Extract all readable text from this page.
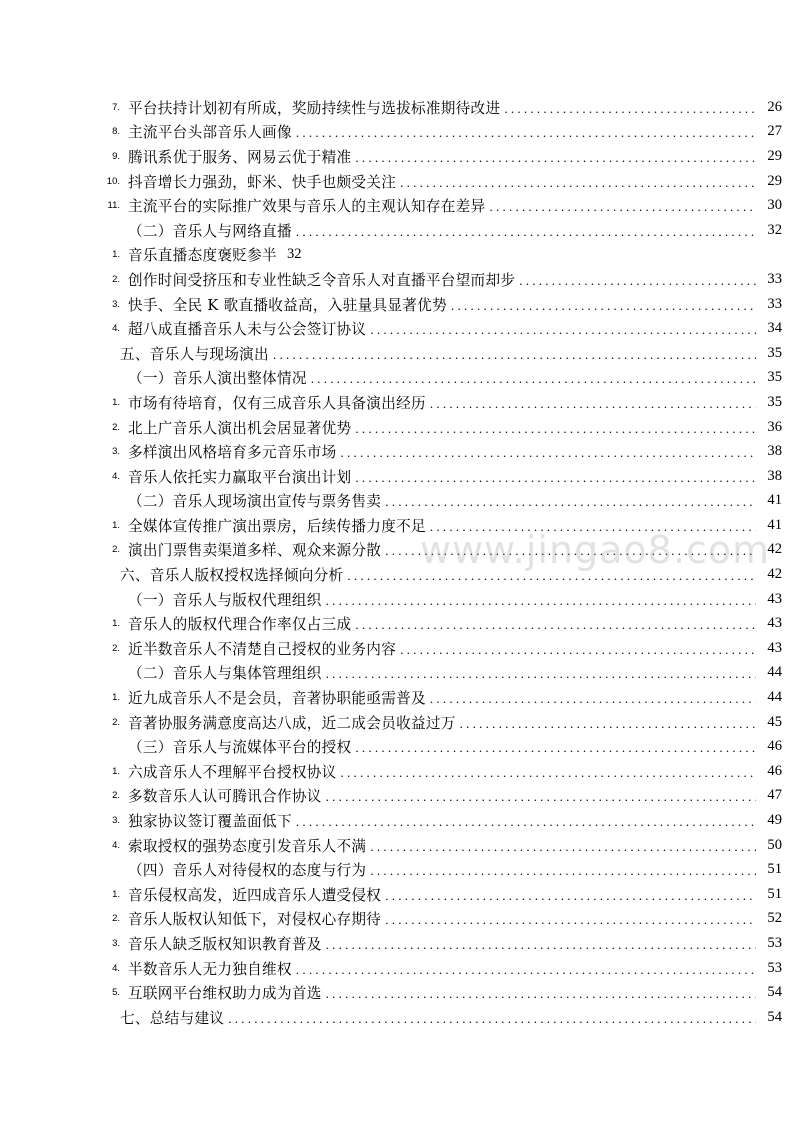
7. 平台扶持计划初有所成，奖励持续性与选拔标准期待改进 . . .	26
8. 主流平台头部音乐人画像 . . .	27
9. 腾讯系优于服务、网易云优于精准 . . .	29
10. 抖音增长力强劲，虾米、快手也颇受关注 . . .	29
11. 主流平台的实际推广效果与音乐人的主观认知存在差异 . . .	30
（二）音乐人与网络直播 . . .	32
1. 音乐直播态度褒贬参半 32
2. 创作时间受挤压和专业性缺乏令音乐人对直播平台望而却步 . . .	33
3. 快手、全民 K 歌直播收益高，入驻量具显著优势 . . .	33
4. 超八成直播音乐人未与公会签订协议 . . .	34
五、音乐人与现场演出 . . .	35
（一）音乐人演出整体情况 . . .	35
1. 市场有待培育，仅有三成音乐人具备演出经历 . . .	35
2. 北上广音乐人演出机会居显著优势 . . .	36
3. 多样演出风格培育多元音乐市场 . . .	38
4. 音乐人依托实力赢取平台演出计划 . . .	38
（二）音乐人现场演出宣传与票务售卖 . . .	41
1. 全媒体宣传推广演出票房，后续传播力度不足 . . .	41
2. 演出门票售卖渠道多样、观众来源分散 . . .	42
六、音乐人版权授权选择倾向分析 . . .	42
（一）音乐人与版权代理组织 . . .	43
1. 音乐人的版权代理合作率仅占三成 . . .	43
2. 近半数音乐人不清楚自己授权的业务内容 . . .	43
（二）音乐人与集体管理组织 . . .	44
1. 近九成音乐人不是会员，音著协职能亟需普及 . . .	44
2. 音著协服务满意度高达八成，近二成会员收益过万 . . .	45
（三）音乐人与流媒体平台的授权 . . .	46
1. 六成音乐人不理解平台授权协议 . . .	46
2. 多数音乐人认可腾讯合作协议 . . .	47
3. 独家协议签订覆盖面低下 . . .	49
4. 索取授权的强势态度引发音乐人不满 . . .	50
（四）音乐人对待侵权的态度与行为 . . .	51
1. 音乐侵权高发，近四成音乐人遭受侵权 . . .	51
2. 音乐人版权认知低下，对侵权心存期待 . . .	52
3. 音乐人缺乏版权知识教育普及 . . .	53
4. 半数音乐人无力独自维权 . . .	53
5. 互联网平台维权助力成为首选 . . .	54
七、总结与建议 . . .	54
www.jingao8.com
